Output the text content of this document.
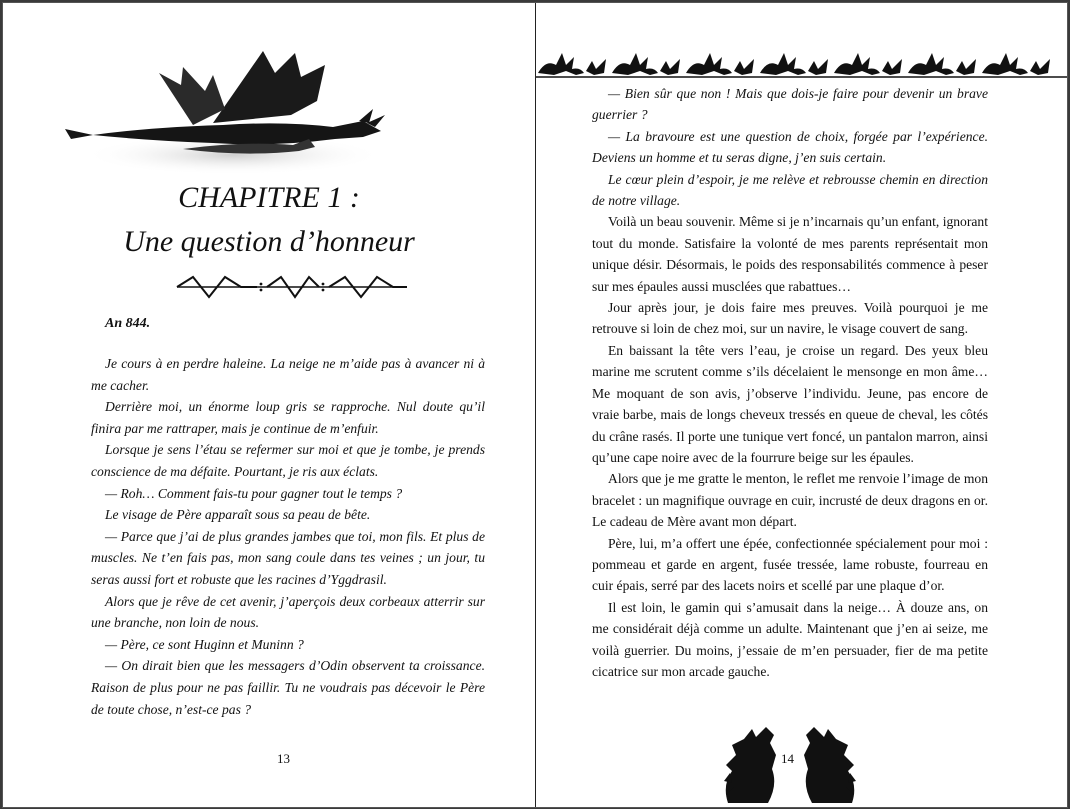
CHAPITRE 1 :
Une question d’honneur
An 844.

Je cours à en perdre haleine. La neige ne m’aide pas à avancer ni à me cacher.

Derrière moi, un énorme loup gris se rapproche. Nul doute qu’il finira par me rattraper, mais je continue de m’enfuir.

Lorsque je sens l’étau se refermer sur moi et que je tombe, je prends conscience de ma défaite. Pourtant, je ris aux éclats.

— Roh… Comment fais-tu pour gagner tout le temps ?

Le visage de Père apparaît sous sa peau de bête.

— Parce que j’ai de plus grandes jambes que toi, mon fils. Et plus de muscles. Ne t’en fais pas, mon sang coule dans tes veines ; un jour, tu seras aussi fort et robuste que les racines d’Yggdrasil.

Alors que je rêve de cet avenir, j’aperçois deux corbeaux atterrir sur une branche, non loin de nous.

— Père, ce sont Huginn et Muninn ?

— On dirait bien que les messagers d’Odin observent ta croissance. Raison de plus pour ne pas faillir. Tu ne voudrais pas décevoir le Père de toute chose, n’est-ce pas ?

13

— Bien sûr que non ! Mais que dois-je faire pour devenir un brave guerrier ?

— La bravoure est une question de choix, forgée par l’expérience. Deviens un homme et tu seras digne, j’en suis certain.

Le cœur plein d’espoir, je me relève et rebrousse chemin en direction de notre village.

Voilà un beau souvenir. Même si je n’incarnais qu’un enfant, ignorant tout du monde. Satisfaire la volonté de mes parents représentait mon unique désir. Désormais, le poids des responsabilités commence à peser sur mes épaules aussi musclées que rabattues…

Jour après jour, je dois faire mes preuves. Voilà pourquoi je me retrouve si loin de chez moi, sur un navire, le visage couvert de sang.

En baissant la tête vers l’eau, je croise un regard. Des yeux bleu marine me scrutent comme s’ils décelaient le mensonge en mon âme… Me moquant de son avis, j’observe l’individu. Jeune, pas encore de vraie barbe, mais de longs cheveux tressés en queue de cheval, les côtés du crâne rasés. Il porte une tunique vert foncé, un pantalon marron, ainsi qu’une cape noire avec de la fourrure beige sur les épaules.

Alors que je me gratte le menton, le reflet me renvoie l’image de mon bracelet : un magnifique ouvrage en cuir, incrusté de deux dragons en or. Le cadeau de Mère avant mon départ.

Père, lui, m’a offert une épée, confectionnée spécialement pour moi : pommeau et garde en argent, fusée tressée, lame robuste, fourreau en cuir épais, serré par des lacets noirs et scellé par une plaque d’or.

Il est loin, le gamin qui s’amusait dans la neige… À douze ans, on me considérait déjà comme un adulte. Maintenant que j’en ai seize, me voilà guerrier. Du moins, j’essaie de m’en persuader, fier de ma petite cicatrice sur mon arcade gauche.

14
